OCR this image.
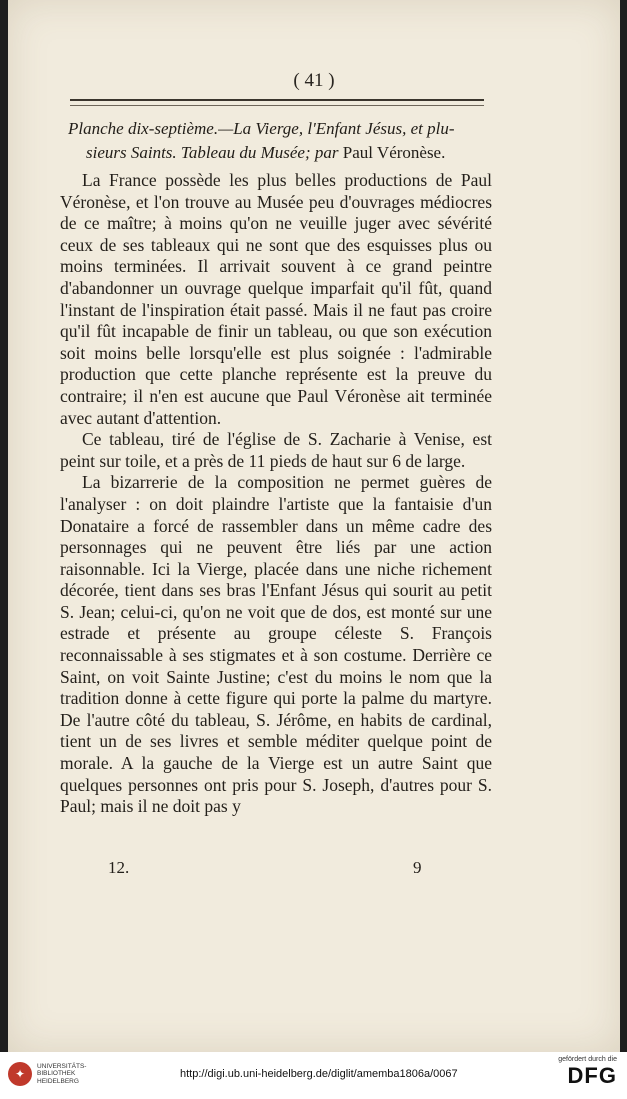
( 41 )
Planche dix-septième.—La Vierge, l'Enfant Jésus, et plu-
sieurs Saints. Tableau du Musée; par Paul Véronèse.

La France possède les plus belles productions de Paul Véronèse, et l'on trouve au Musée peu d'ouvrages médiocres de ce maître; à moins qu'on ne veuille juger avec sévérité ceux de ses tableaux qui ne sont que des esquisses plus ou moins terminées. Il arrivait souvent à ce grand peintre d'abandonner un ouvrage quelque imparfait qu'il fût, quand l'instant de l'inspiration était passé. Mais il ne faut pas croire qu'il fût incapable de finir un tableau, ou que son exécution soit moins belle lorsqu'elle est plus soignée : l'admirable production que cette planche représente est la preuve du contraire; il n'en est aucune que Paul Véronèse ait terminée avec autant d'attention.

Ce tableau, tiré de l'église de S. Zacharie à Venise, est peint sur toile, et a près de 11 pieds de haut sur 6 de large.

La bizarrerie de la composition ne permet guères de l'analyser : on doit plaindre l'artiste que la fantaisie d'un Donataire a forcé de rassembler dans un même cadre des personnages qui ne peuvent être liés par une action raisonnable. Ici la Vierge, placée dans une niche richement décorée, tient dans ses bras l'Enfant Jésus qui sourit au petit S. Jean; celui-ci, qu'on ne voit que de dos, est monté sur une estrade et présente au groupe céleste S. François reconnaissable à ses stigmates et à son costume. Derrière ce Saint, on voit Sainte Justine; c'est du moins le nom que la tradition donne à cette figure qui porte la palme du martyre. De l'autre côté du tableau, S. Jérôme, en habits de cardinal, tient un de ses livres et semble méditer quelque point de morale. A la gauche de la Vierge est un autre Saint que quelques personnes ont pris pour S. Joseph, d'autres pour S. Paul; mais il ne doit pas y

12.	9
✦
UNIVERSITÄTS-
BIBLIOTHEK
HEIDELBERG
http://digi.ub.uni-heidelberg.de/diglit/amemba1806a/0067
gefördert durch die
DFG
